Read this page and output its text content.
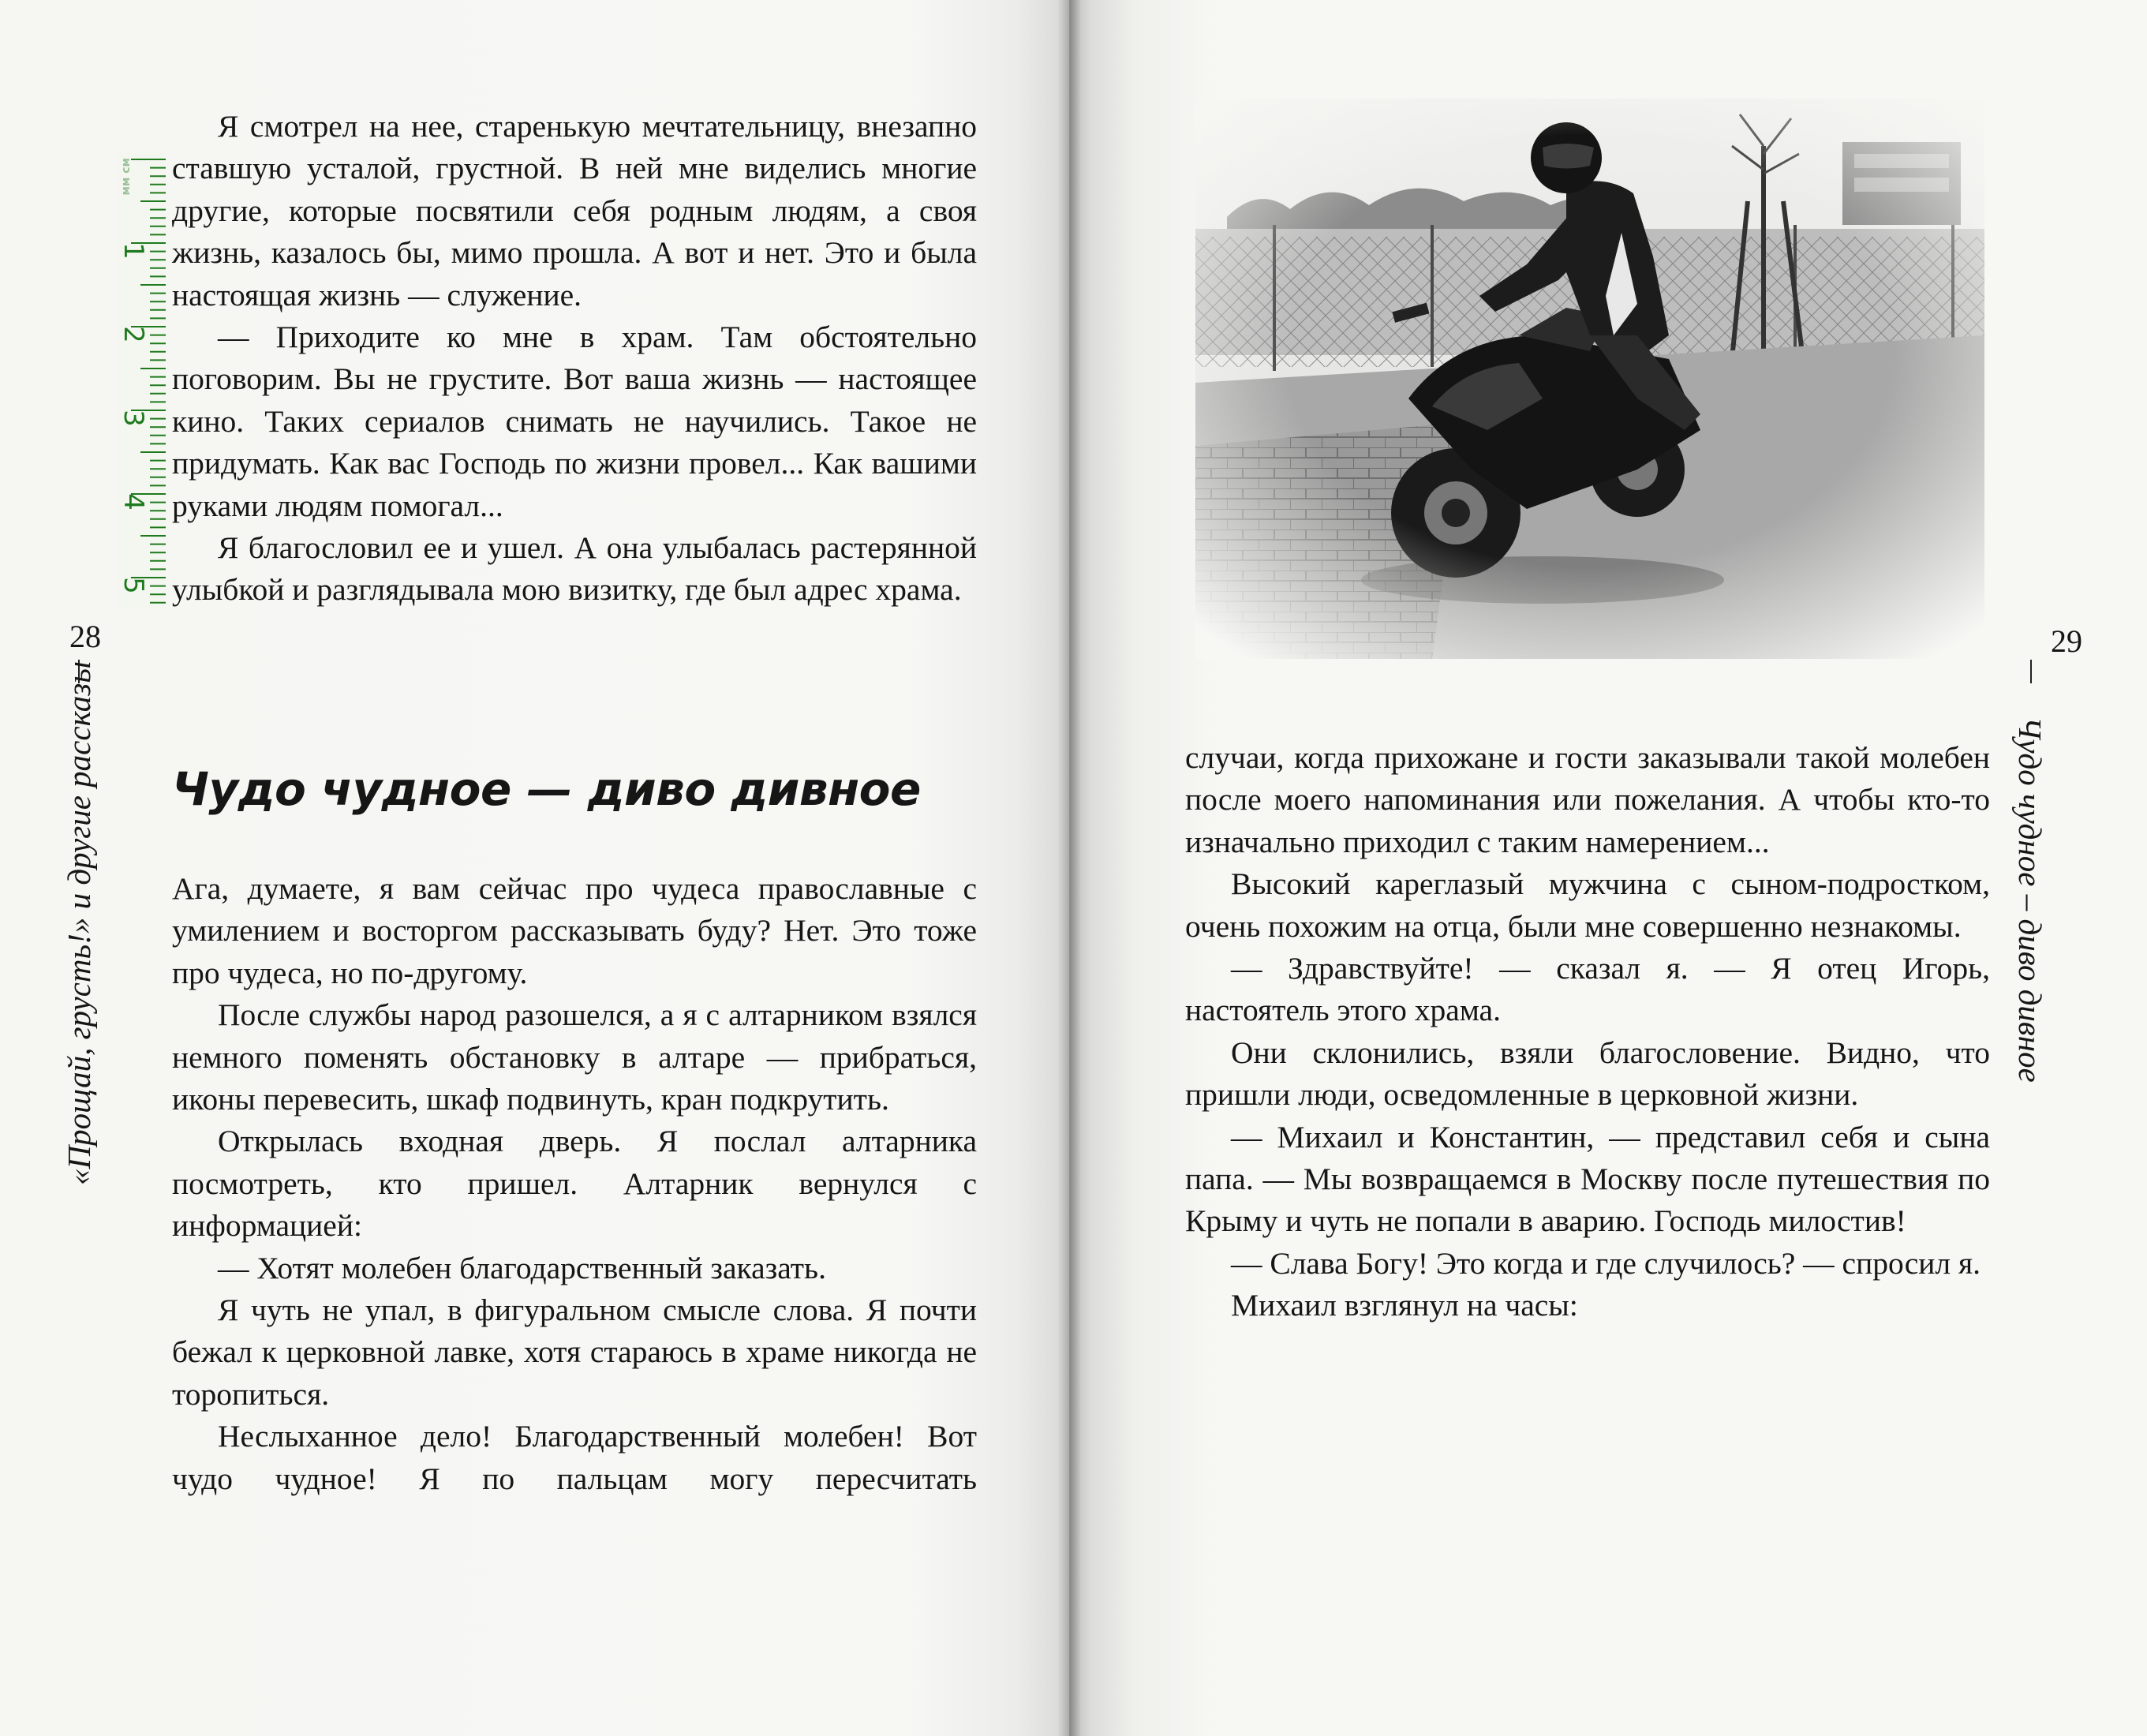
28
«Прощай, грусть!» и другие рассказы
1
2
3
4
5

Я смотрел на нее, старенькую мечтательницу, внезапно ставшую усталой, грустной. В ней мне виделись многие другие, которые посвятили себя родным людям, а своя жизнь, казалось бы, мимо прошла. А вот и нет. Это и была настоящая жизнь — служение.

— Приходите ко мне в храм. Там обстоятельно поговорим. Вы не грустите. Вот ваша жизнь — настоящее кино. Таких сериалов снимать не научились. Такое не придумать. Как вас Господь по жизни провел... Как вашими руками людям помогал...

Я благословил ее и ушел. А она улыбалась растерянной улыбкой и разглядывала мою визитку, где был адрес храма.

Чудо чудное — диво дивное

Ага, думаете, я вам сейчас про чудеса православные с умилением и восторгом рассказывать буду? Нет. Это тоже про чудеса, но по-другому.

После службы народ разошелся, а я с алтарником взялся немного поменять обстановку в алтаре — прибраться, иконы перевесить, шкаф подвинуть, кран подкрутить.

Открылась входная дверь. Я послал алтарника посмотреть, кто пришел. Алтарник вернулся с информацией:

— Хотят молебен благодарственный заказать.

Я чуть не упал, в фигуральном смысле слова. Я почти бежал к церковной лавке, хотя стараюсь в храме никогда не торопиться.

Неслыханное дело! Благодарственный молебен! Вот чудо чудное! Я по пальцам могу пересчитать

29

случаи, когда прихожане и гости заказывали такой молебен после моего напоминания или пожелания. А чтобы кто-то изначально приходил с таким намерением...

Высокий кареглазый мужчина с сыном-подростком, очень похожим на отца, были мне совершенно незнакомы.

— Здравствуйте! — сказал я. — Я отец Игорь, настоятель этого храма.

Они склонились, взяли благословение. Видно, что пришли люди, осведомленные в церковной жизни.

— Михаил и Константин, — представил себя и сына папа. — Мы возвращаемся в Москву после путешествия по Крыму и чуть не попали в аварию. Господь милостив!

— Слава Богу! Это когда и где случилось? — спросил я.

Михаил взглянул на часы:

Чудо чудное – диво дивное
